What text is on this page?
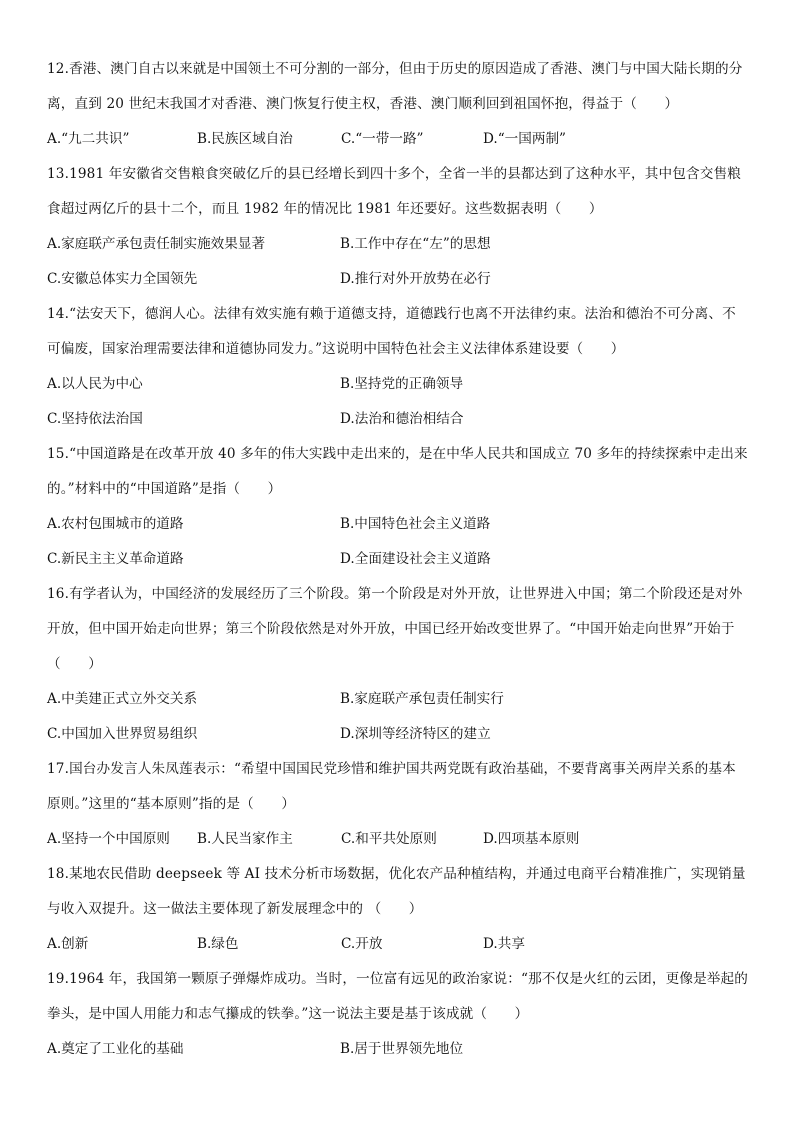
12.香港、澳门自古以来就是中国领土不可分割的一部分，但由于历史的原因造成了香港、澳门与中国大陆长期的分
离，直到 20 世纪末我国才对香港、澳门恢复行使主权，香港、澳门顺利回到祖国怀抱，得益于（　　）
A.“九二共识”	B.民族区域自治	C.“一带一路”	D.“一国两制”
13.1981 年安徽省交售粮食突破亿斤的县已经增长到四十多个，全省一半的县都达到了这种水平，其中包含交售粮
食超过两亿斤的县十二个，而且 1982 年的情况比 1981 年还要好。这些数据表明（　　）
A.家庭联产承包责任制实施效果显著	B.工作中存在“左”的思想
C.安徽总体实力全国领先	D.推行对外开放势在必行
14.“法安天下，德润人心。法律有效实施有赖于道德支持，道德践行也离不开法律约束。法治和德治不可分离、不
可偏废，国家治理需要法律和道德协同发力。”这说明中国特色社会主义法律体系建设要（　　）
A.以人民为中心	B.坚持党的正确领导
C.坚持依法治国	D.法治和德治相结合
15.“中国道路是在改革开放 40 多年的伟大实践中走出来的，是在中华人民共和国成立 70 多年的持续探索中走出来
的。”材料中的“中国道路”是指（　　）
A.农村包围城市的道路	B.中国特色社会主义道路
C.新民主主义革命道路	D.全面建设社会主义道路
16.有学者认为，中国经济的发展经历了三个阶段。第一个阶段是对外开放，让世界进入中国；第二个阶段还是对外
开放，但中国开始走向世界；第三个阶段依然是对外开放，中国已经开始改变世界了。“中国开始走向世界”开始于
（　　）
A.中美建正式立外交关系	B.家庭联产承包责任制实行
C.中国加入世界贸易组织	D.深圳等经济特区的建立
17.国台办发言人朱凤莲表示：“希望中国国民党珍惜和维护国共两党既有政治基础，不要背离事关两岸关系的基本
原则。”这里的“基本原则”指的是（　　）
A.坚持一个中国原则 B.人民当家作主	C.和平共处原则	D.四项基本原则
18.某地农民借助 deepseek 等 AI 技术分析市场数据，优化农产品种植结构，并通过电商平台精准推广，实现销量
与收入双提升。这一做法主要体现了新发展理念中的 （　　）
A.创新	B.绿色	C.开放	D.共享
19.1964 年，我国第一颗原子弹爆炸成功。当时，一位富有远见的政治家说：“那不仅是火红的云团，更像是举起的
拳头，是中国人用能力和志气攥成的铁拳。”这一说法主要是基于该成就（　　）
A.奠定了工业化的基础	B.居于世界领先地位
